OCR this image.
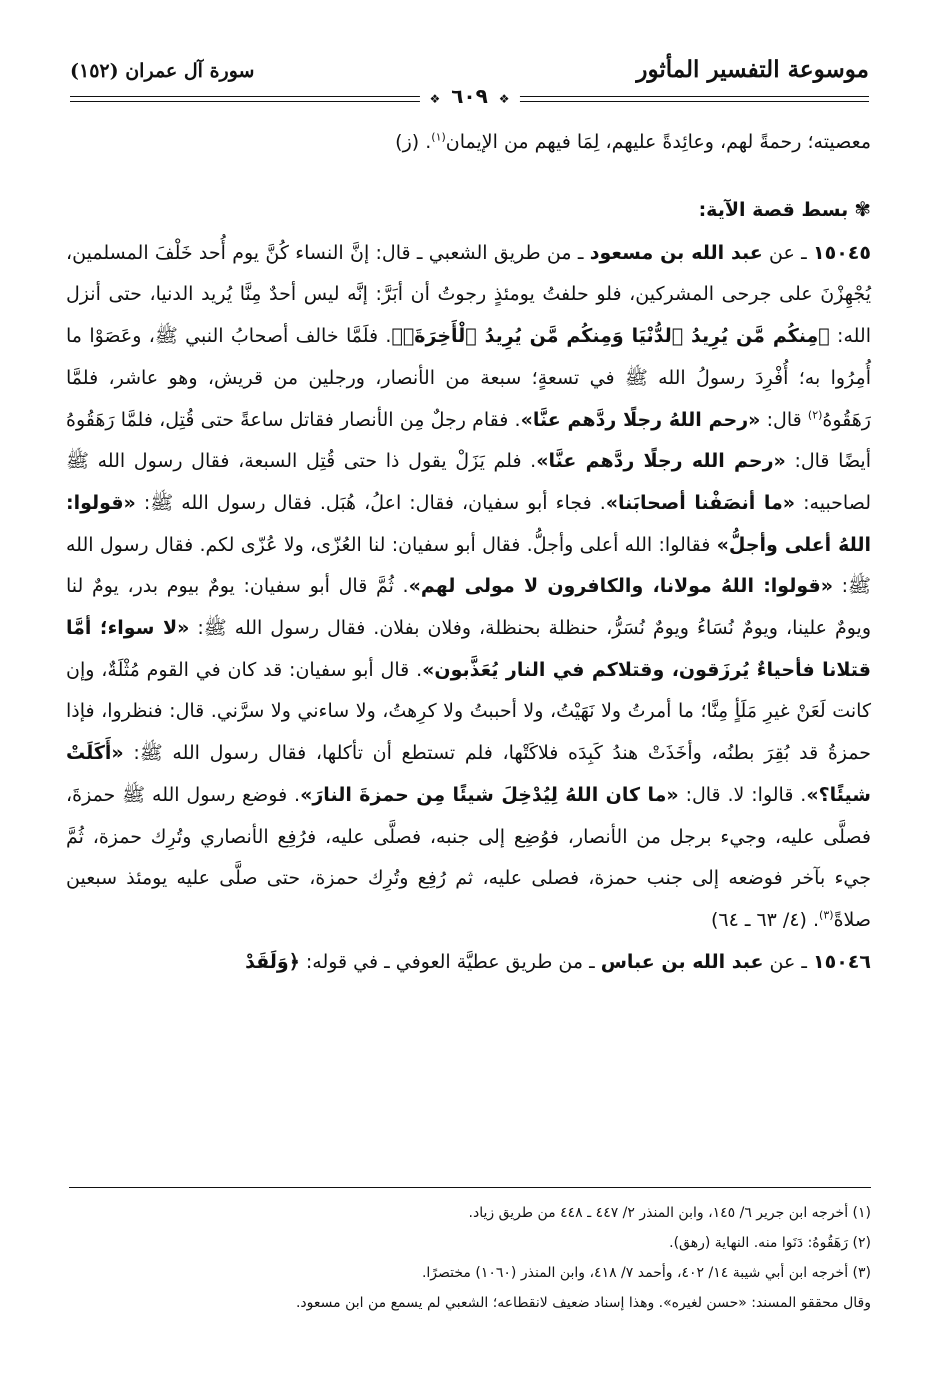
موسوعة التفسير المأثور
سورة آل عمران (١٥٢)
❖ ٦٠٩ ❖

معصيته؛ رحمةً لهم، وعائِدةً عليهم، لِمَا فيهم من الإيمان$^{(١)}$. (ز)

✾بسط قصة الآية:

١٥٠٤٥ ـ عن عبد الله بن مسعود ـ من طريق الشعبي ـ قال: إنَّ النساء كُنَّ يوم أُحد خَلْفَ المسلمين، يُجْهِزْنَ على جرحى المشركين، فلو حلفتُ يومئذٍ رجوتُ أن أبَرَّ: إنَّه ليس أحدٌ مِنَّا يُريد الدنيا، حتى أنزل الله: ﴿مِنكُم مَّن يُرِيدُ ٱلدُّنْيَا وَمِنكُم مَّن يُرِيدُ ٱلْأَخِرَةَۚ﴾. فلَمَّا خالف أصحابُ النبي ﷺ، وعَصَوْا ما أُمِرُوا به؛ أُفْرِدَ رسولُ الله ﷺ في تسعةٍ؛ سبعة من الأنصار، ورجلين من قريش، وهو عاشر، فلمَّا رَهَقُوهُ$^{(٢)}$ قال: «رحم اللهُ رجلًا ردَّهم عنَّا». فقام رجلٌ مِن الأنصار فقاتل ساعةً حتى قُتِل، فلمَّا رَهَقُوهُ أيضًا قال: «رحم الله رجلًا ردَّهم عنَّا». فلم يَزَلْ يقول ذا حتى قُتِل السبعة، فقال رسول الله ﷺ لصاحبيه: «ما أنصَفْنا أصحابَنا». فجاء أبو سفيان، فقال: اعلُ، هُبَل. فقال رسول الله ﷺ: «قولوا: اللهُ أعلى وأجلُّ» فقالوا: الله أعلى وأجلُّ. فقال أبو سفيان: لنا العُزّى، ولا عُزّى لكم. فقال رسول الله ﷺ: «قولوا: اللهُ مولانا، والكافرون لا مولى لهم». ثُمَّ قال أبو سفيان: يومٌ بيوم بدر، يومٌ لنا ويومٌ علينا، ويومٌ نُسَاءُ ويومٌ نُسَرُّ، حنظلة بحنظلة، وفلان بفلان. فقال رسول الله ﷺ: «لا سواء؛ أمَّا قتلانا فأحياءٌ يُرزَقون، وقتلاكم في النار يُعَذَّبون». قال أبو سفيان: قد كان في القوم مُثْلَةٌ، وإن كانت لَعَنْ غيرِ مَلَأٍ مِنَّا؛ ما أمرتُ ولا نَهَيْتُ، ولا أحببتُ ولا كرِهتُ، ولا ساءني ولا سرَّني. قال: فنظروا، فإذا حمزةُ قد بُقِرَ بطنُه، وأخَذَتْ هندُ كَبِدَه فلاكَتْها، فلم تستطع أن تأكلها، فقال رسول الله ﷺ: «أَكَلَتْ شيئًا؟». قالوا: لا. قال: «ما كان اللهُ لِيُدْخِلَ شيئًا مِن حمزةَ النارَ». فوضع رسول الله ﷺ حمزةَ، فصلَّى عليه، وجيء برجل من الأنصار، فوُضِع إلى جنبه، فصلَّى عليه، فرُفِع الأنصاري وتُرِك حمزة، ثُمَّ جيء بآخر فوضعه إلى جنب حمزة، فصلى عليه، ثم رُفِع وتُرِك حمزة، حتى صلَّى عليه يومئذ سبعين صلاةً$^{(٣)}$. (٤/ ٦٣ ـ ٦٤)

١٥٠٤٦ ـ عن عبد الله بن عباس ـ من طريق عطيَّة العوفي ـ في قوله: ﴿وَلَقَدْ

(١) أخرجه ابن جرير ٦/ ١٤٥، وابن المنذر ٢/ ٤٤٧ ـ ٤٤٨ من طريق زياد.

(٢) رَهَقُوهُ: دَنَوا منه. النهاية (رهق).

(٣) أخرجه ابن أبي شيبة ١٤/ ٤٠٢، وأحمد ٧/ ٤١٨، وابن المنذر (١٠٦٠) مختصرًا.

وقال محققو المسند: «حسن لغيره». وهذا إسناد ضعيف لانقطاعه؛ الشعبي لم يسمع من ابن مسعود.
